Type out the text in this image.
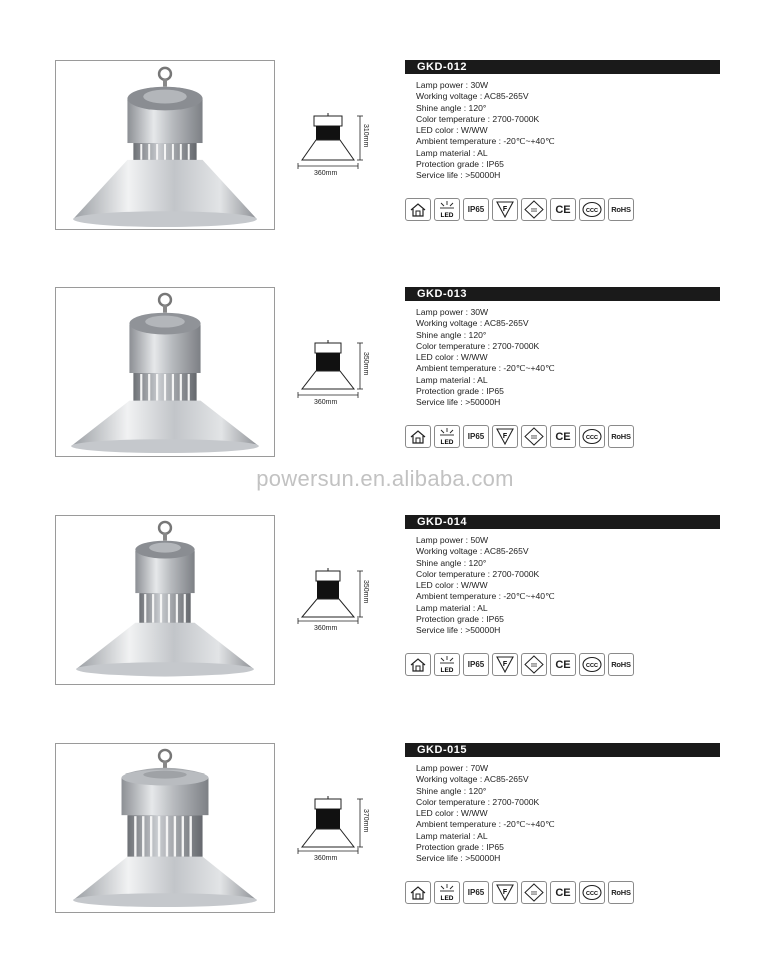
360mm
310mm
GKD-012
Lamp power : 30W
Working voltage : AC85-265V
Shine angle : 120°
Color temperature : 2700-7000K
LED color : W/WW
Ambient temperature : -20℃~+40℃
Lamp material : AL
Protection grade : IP65
Service life : >50000H
LED
IP65	F	III CE	CCC RoHS
360mm
350mm
GKD-013
Lamp power : 30W
Working voltage : AC85-265V
Shine angle : 120°
Color temperature : 2700-7000K
LED color : W/WW
Ambient temperature : -20℃~+40℃
Lamp material : AL
Protection grade : IP65
Service life : >50000H
LED
IP65	F	III CE	CCC RoHS
powersun.en.alibaba.com
360mm
350mm
GKD-014
Lamp power : 50W
Working voltage : AC85-265V
Shine angle : 120°
Color temperature : 2700-7000K
LED color : W/WW
Ambient temperature : -20℃~+40℃
Lamp material : AL
Protection grade : IP65
Service life : >50000H
LED
IP65	F	III CE	CCC RoHS
360mm
370mm
GKD-015
Lamp power : 70W
Working voltage : AC85-265V
Shine angle : 120°
Color temperature : 2700-7000K
LED color : W/WW
Ambient temperature : -20℃~+40℃
Lamp material : AL
Protection grade : IP65
Service life : >50000H
LED
IP65	F	III CE	CCC RoHS
